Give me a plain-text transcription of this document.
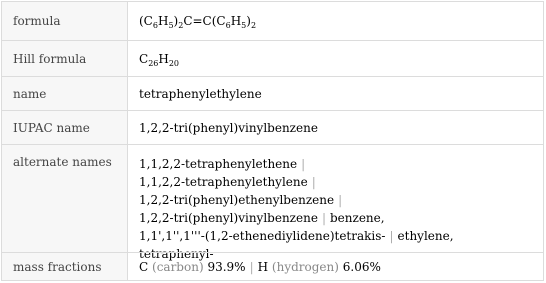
formula	$(C_6H_5)_2C=C(C_6H_5)_2$
Hill formula	$C_{26}H_{20}$
name	tetraphenylethylene
IUPAC name	1,2,2-tri(phenyl)vinylbenzene
alternate names	1,1,2,2-tetraphenylethene |
1,1,2,2-tetraphenylethylene |
1,2,2-tri(phenyl)ethenylbenzene |
1,2,2-tri(phenyl)vinylbenzene | benzene,
1,1',1'',1'''-(1,2-ethenediylidene)tetrakis- | ethylene,
tetraphenyl-
mass fractions	C (carbon) 93.9% | H (hydrogen) 6.06%
